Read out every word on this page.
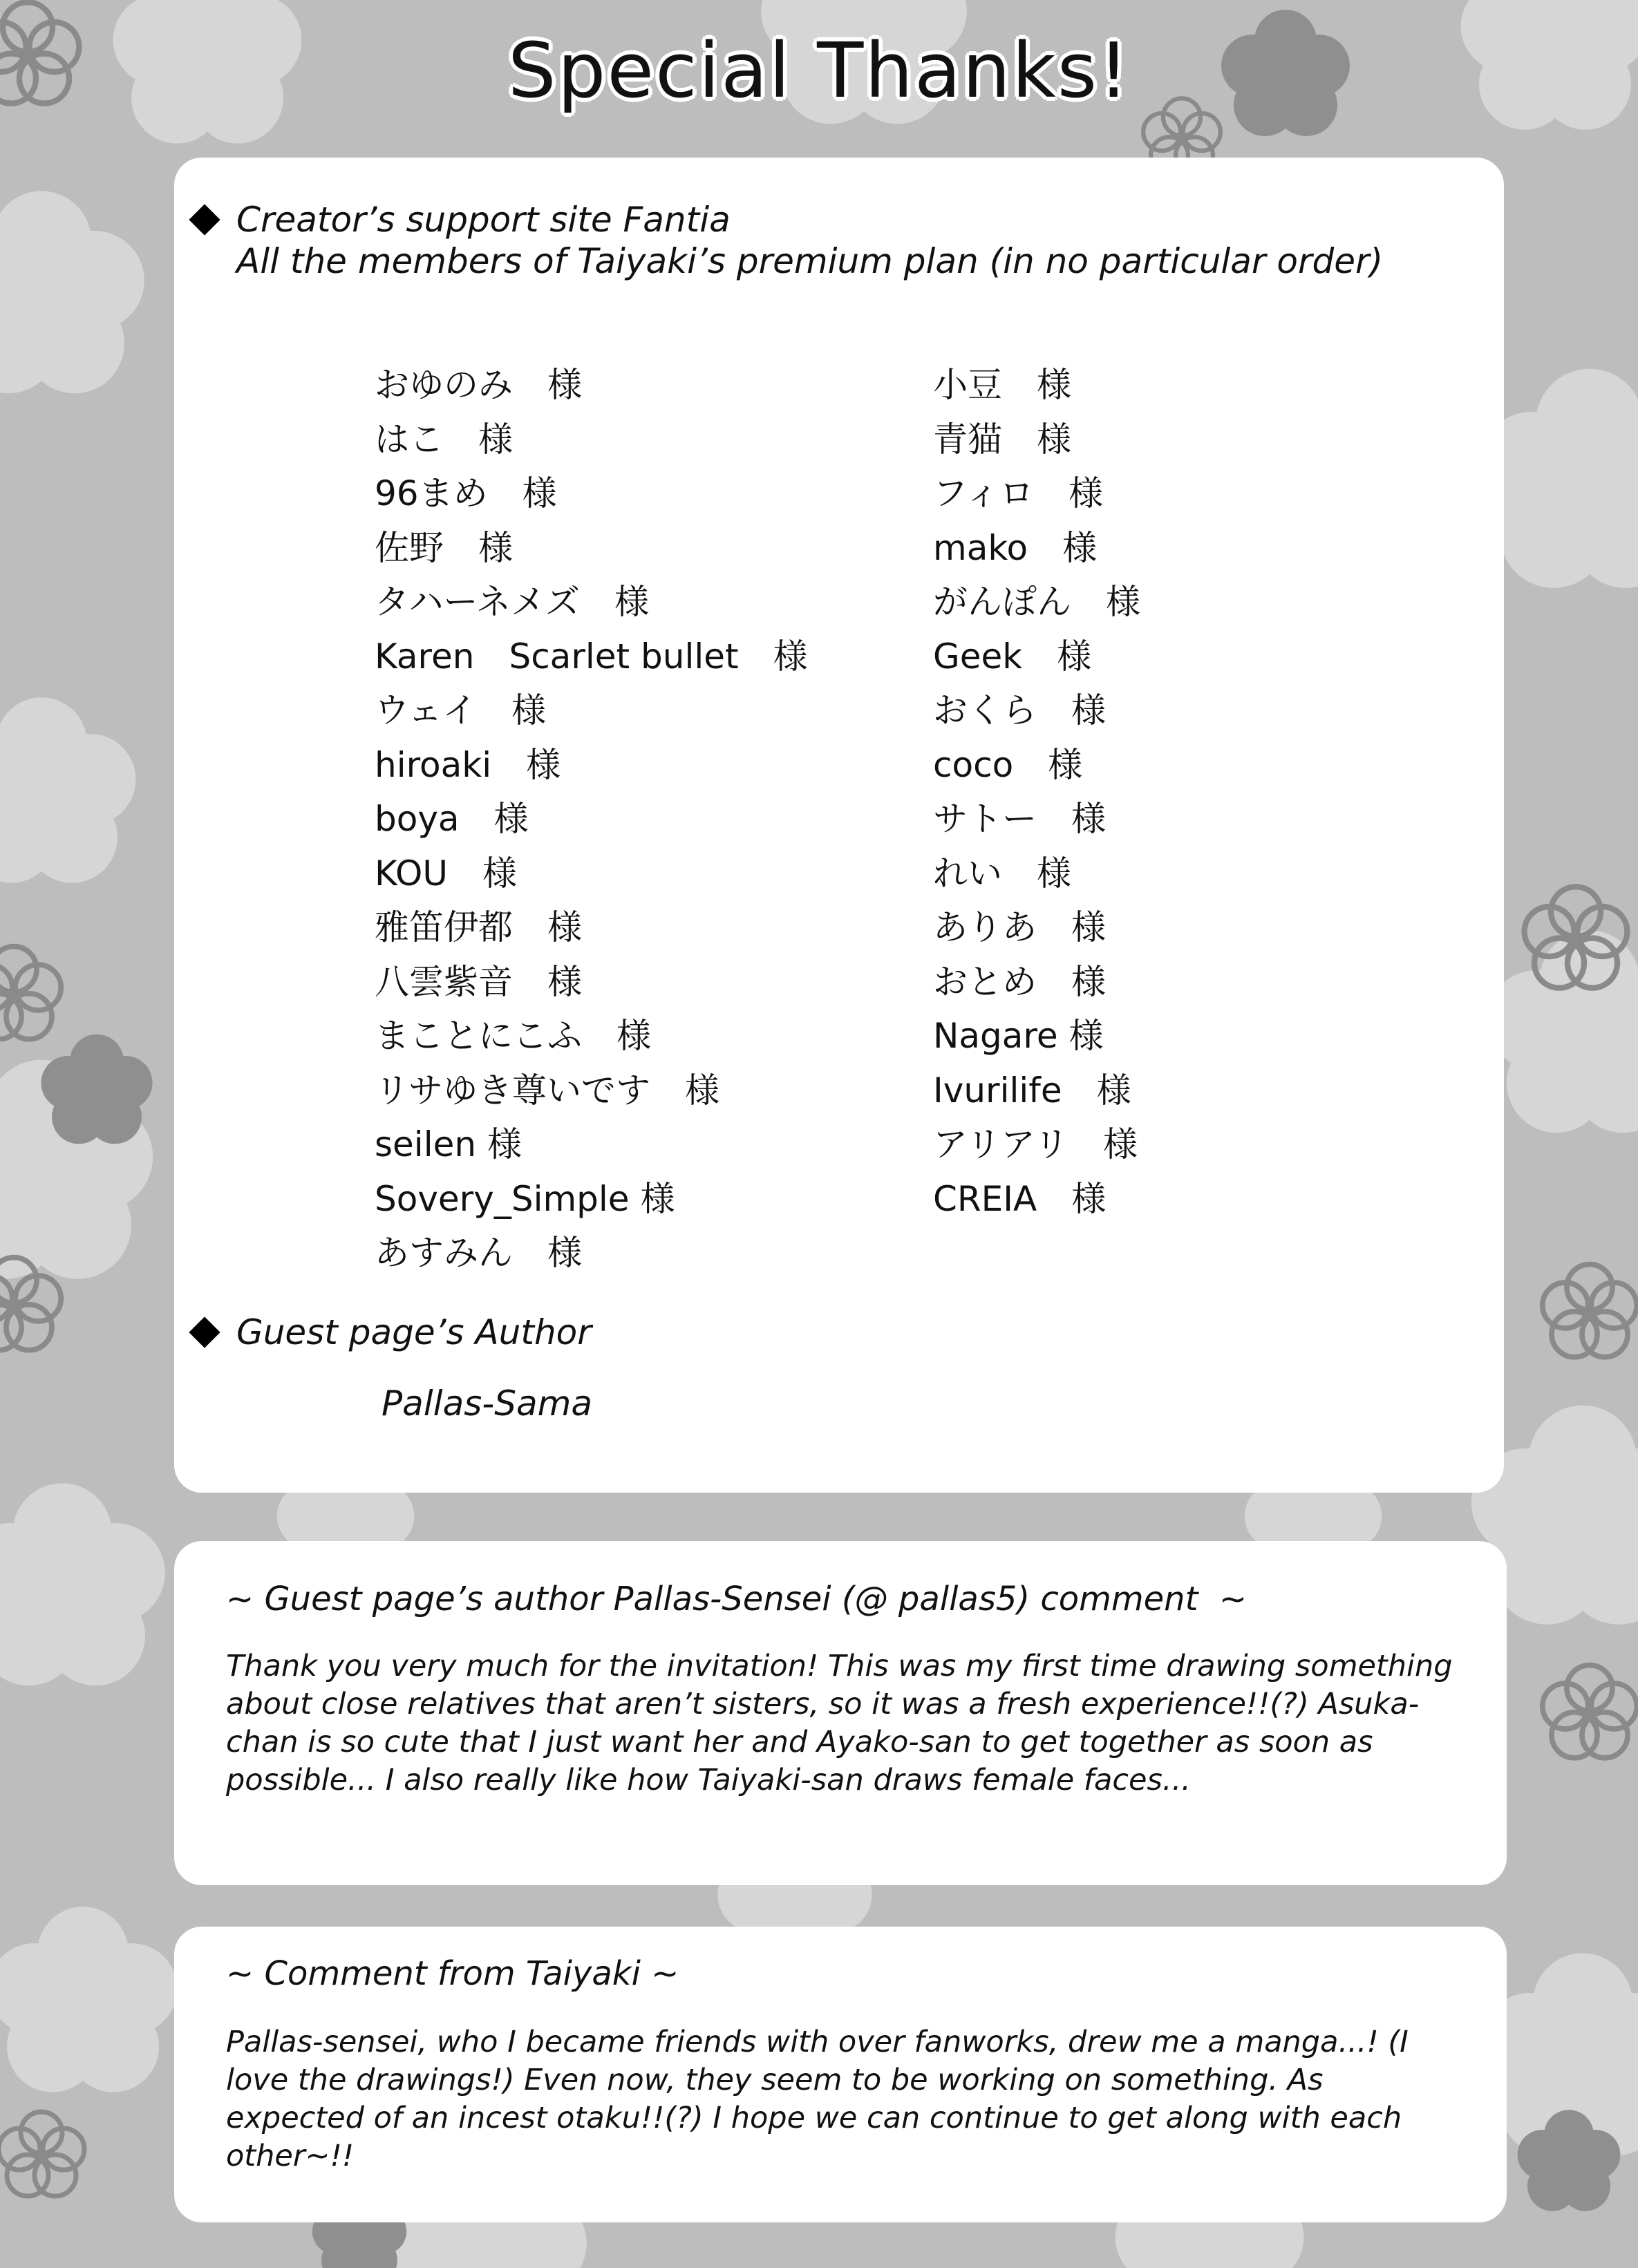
Special Thanks!
Creator’s support site Fantia
All the members of Taiyaki’s premium plan (in no particular order)
おゆのみ　様
はこ　様
96まめ　様
佐野　様
タハーネメズ　様
Karen　Scarlet bullet　様
ウェイ　様
hiroaki　様
boya　様
KOU　様
雅笛伊都　様
八雲紫音　様
まことにこふ　様
リサゆき尊いです　様
seilen 様
Sovery_Simple 様
あすみん　様
小豆　様
青猫　様
フィロ　様
mako　様
がんぽん　様
Geek　様
おくら　様
coco　様
サトー　様
れい　様
ありあ　様
おとめ　様
Nagare 様
Ivurilife　様
アリアリ　様
CREIA　様
Guest page’s Author
Pallas-Sama
~ Guest page’s author Pallas-Sensei (@ pallas5) comment  ~

Thank you very much for the invitation! This was my first time drawing something about close relatives that aren’t sisters, so it was a fresh experience!!(?) Asuka-chan is so cute that I just want her and Ayako-san to get together as soon as possible... I also really like how Taiyaki-san draws female faces...

~ Comment from Taiyaki ~

Pallas-sensei, who I became friends with over fanworks, drew me a manga...! (I love the drawings!) Even now, they seem to be working on something. As expected of an incest otaku!!(?) I hope we can continue to get along with each other~!!
